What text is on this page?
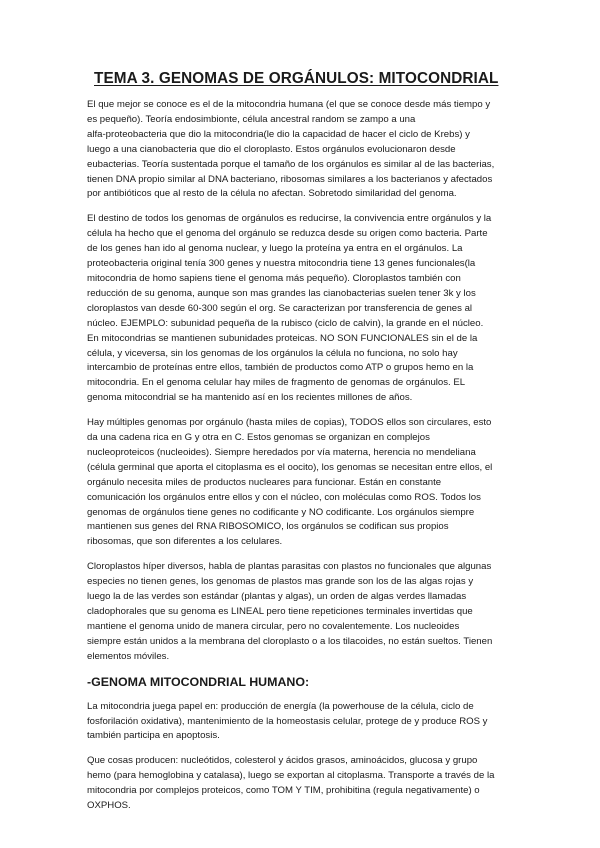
TEMA 3. GENOMAS DE ORGÁNULOS: MITOCONDRIAL

El que mejor se conoce es el de la mitocondria humana (el que se conoce desde más tiempo y
es pequeño). Teoría endosimbionte, célula ancestral random se zampo a una
alfa-proteobacteria que dio la mitocondria(le dio la capacidad de hacer el ciclo de Krebs) y
luego a una cianobacteria que dio el cloroplasto. Estos orgánulos evolucionaron desde
eubacterias. Teoría sustentada porque el tamaño de los orgánulos es similar al de las bacterias,
tienen DNA propio similar al DNA bacteriano, ribosomas similares a los bacterianos y afectados
por antibióticos que al resto de la célula no afectan. Sobretodo similaridad del genoma.

El destino de todos los genomas de orgánulos es reducirse, la convivencia entre orgánulos y la
célula ha hecho que el genoma del orgánulo se reduzca desde su origen como bacteria. Parte
de los genes han ido al genoma nuclear, y luego la proteína ya entra en el orgánulos. La
proteobacteria original tenía 300 genes y nuestra mitocondria tiene 13 genes funcionales(la
mitocondria de homo sapiens tiene el genoma más pequeño). Cloroplastos también con
reducción de su genoma, aunque son mas grandes las cianobacterias suelen tener 3k y los
cloroplastos van desde 60-300 según el org. Se caracterizan por transferencia de genes al
núcleo. EJEMPLO: subunidad pequeña de la rubisco (ciclo de calvin), la grande en el núcleo.
En mitocondrias se mantienen subunidades proteicas. NO SON FUNCIONALES sin el de la
célula, y viceversa, sin los genomas de los orgánulos la célula no funciona, no solo hay
intercambio de proteínas entre ellos, también de productos como ATP o grupos hemo en la
mitocondria. En el genoma celular hay miles de fragmento de genomas de orgánulos. EL
genoma mitocondrial se ha mantenido así en los recientes millones de años.

Hay múltiples genomas por orgánulo (hasta miles de copias), TODOS ellos son circulares, esto
da una cadena rica en G y otra en C. Estos genomas se organizan en complejos
nucleoproteicos (nucleoides). Siempre heredados por vía materna, herencia no mendeliana
(célula germinal que aporta el citoplasma es el oocito), los genomas se necesitan entre ellos, el
orgánulo necesita miles de productos nucleares para funcionar. Están en constante
comunicación los orgánulos entre ellos y con el núcleo, con moléculas como ROS. Todos los
genomas de orgánulos tiene genes no codificante y NO codificante. Los orgánulos siempre
mantienen sus genes del RNA RIBOSOMICO, los orgánulos se codifican sus propios
ribosomas, que son diferentes a los celulares.

Cloroplastos híper diversos, habla de plantas parasitas con plastos no funcionales que algunas
especies no tienen genes, los genomas de plastos mas grande son los de las algas rojas y
luego la de las verdes son estándar (plantas y algas), un orden de algas verdes llamadas
cladophorales que su genoma es LINEAL pero tiene repeticiones terminales invertidas que
mantiene el genoma unido de manera circular, pero no covalentemente. Los nucleoides
siempre están unidos a la membrana del cloroplasto o a los tilacoides, no están sueltos. Tienen
elementos móviles.

-GENOMA MITOCONDRIAL HUMANO:

La mitocondria juega papel en: producción de energía (la powerhouse de la célula, ciclo de
fosforilación oxidativa), mantenimiento de la homeostasis celular, protege de y produce ROS y
también participa en apoptosis.

Que cosas producen: nucleótidos, colesterol y ácidos grasos, aminoácidos, glucosa y grupo
hemo (para hemoglobina y catalasa), luego se exportan al citoplasma. Transporte a través de la
mitocondria por complejos proteicos, como TOM Y TIM, prohibitina (regula negativamente) o
OXPHOS.
